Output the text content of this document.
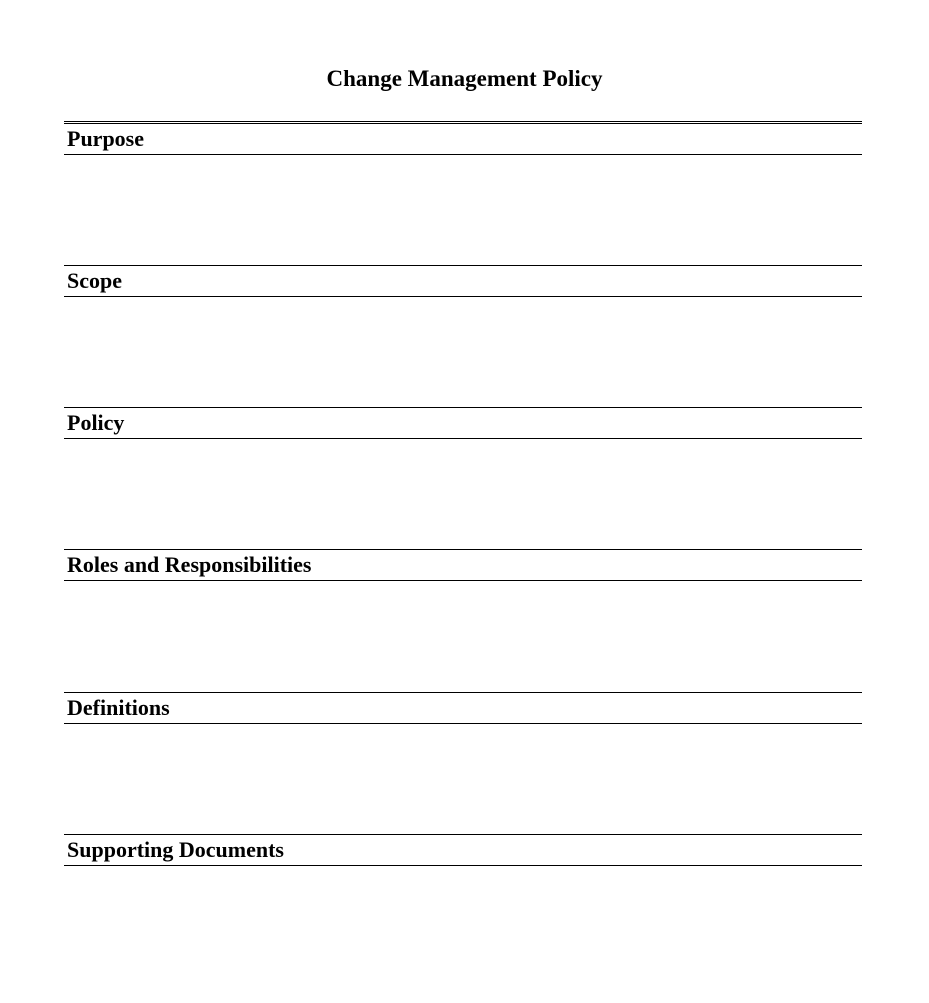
Change Management Policy
Purpose
Scope
Policy
Roles and Responsibilities
Definitions
Supporting Documents
